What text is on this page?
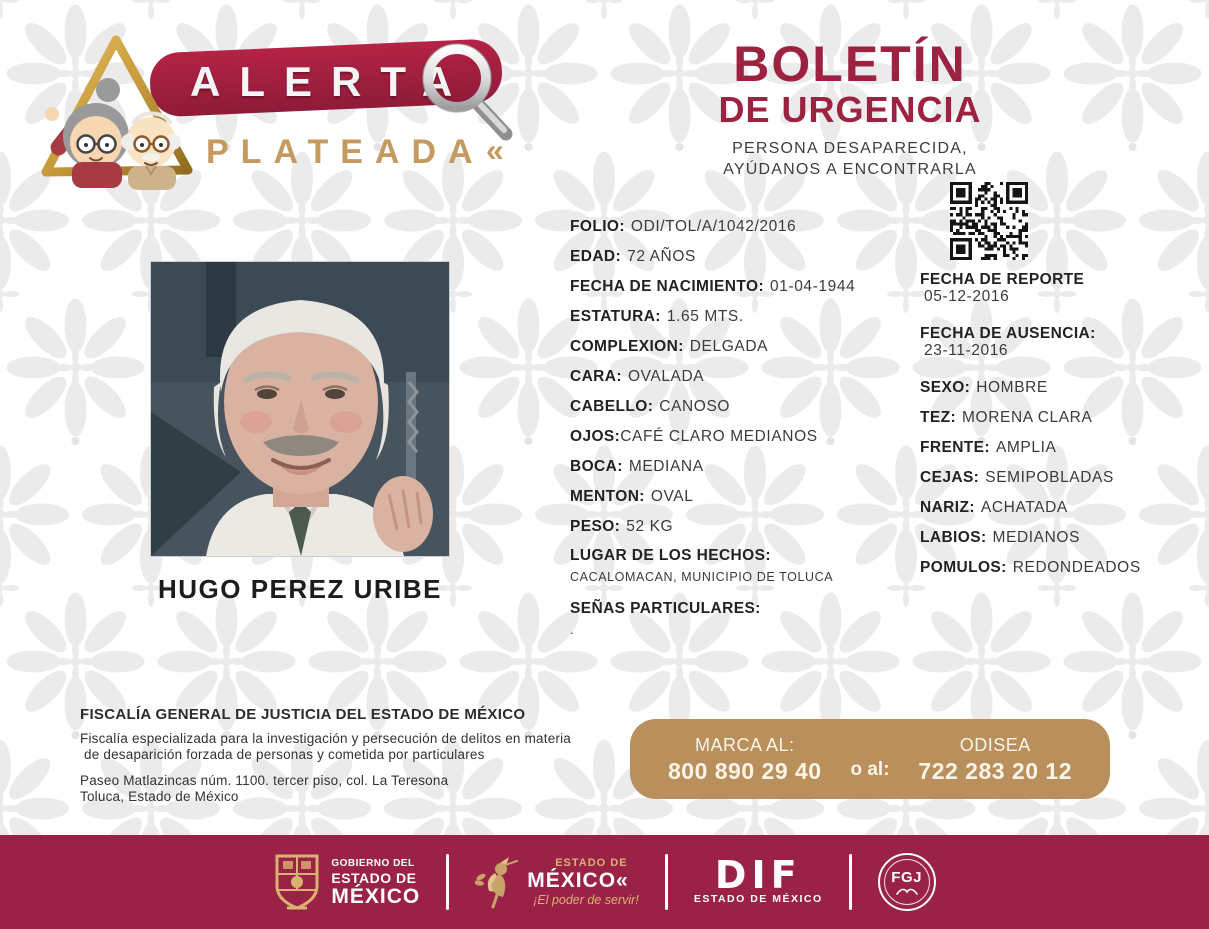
ALERTA
PLATEADA «
BOLETÍN
DE URGENCIA
PERSONA DESAPARECIDA,
AYÚDANOS A ENCONTRARLA
HUGO PEREZ URIBE
FOLIO: ODI/TOL/A/1042/2016
EDAD: 72 AÑOS
FECHA DE NACIMIENTO: 01-04-1944
ESTATURA: 1.65 MTS.
COMPLEXION: DELGADA
CARA: OVALADA
CABELLO: CANOSO
OJOS:CAFÉ CLARO MEDIANOS
BOCA: MEDIANA
MENTON: OVAL
PESO: 52 KG
LUGAR DE LOS HECHOS:
CACALOMACAN, MUNICIPIO DE TOLUCA
SEÑAS PARTICULARES:
.
FECHA DE REPORTE
05-12-2016
FECHA DE AUSENCIA:
23-11-2016
SEXO: HOMBRE
TEZ: MORENA CLARA
FRENTE: AMPLIA
CEJAS: SEMIPOBLADAS
NARIZ: ACHATADA
LABIOS: MEDIANOS
POMULOS: REDONDEADOS
FISCALÍA GENERAL DE JUSTICIA DEL ESTADO DE MÉXICO
Fiscalía especializada para la investigación y persecución de delitos en materia
de desaparición forzada de personas y cometida por particulares
Paseo Matlazincas núm. 1100. tercer piso, col. La Teresona
Toluca, Estado de México
MARCA AL:
800 890 29 40 o al:
ODISEA
722 283 20 12
GOBIERNO DEL
ESTADO DE
MÉXICO
ESTADO DE
MÉXICO«
¡El poder de servir!
DIF
ESTADO DE MÉXICO
FGJ
